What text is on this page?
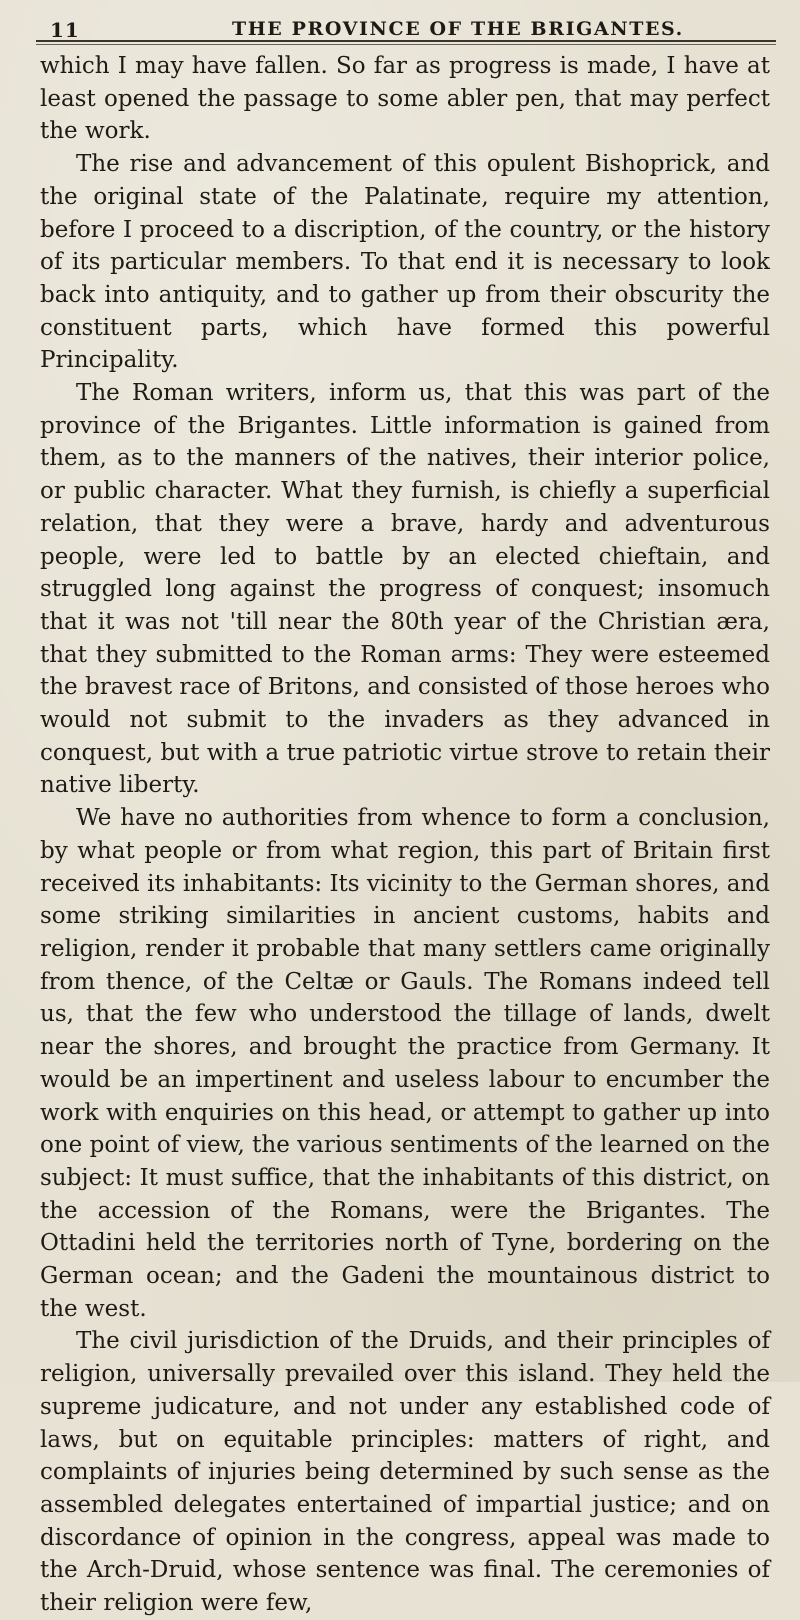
11	THE PROVINCE OF THE BRIGANTES.

which I may have fallen. So far as progress is made, I have at least opened the passage to some abler pen, that may perfect the work.

The rise and advancement of this opulent Bishoprick, and the original state of the Palatinate, require my attention, before I proceed to a discription, of the country, or the history of its particular members. To that end it is necessary to look back into antiquity, and to gather up from their obscurity the constituent parts, which have formed this powerful Principality.

The Roman writers, inform us, that this was part of the province of the Brigantes. Little information is gained from them, as to the manners of the natives, their interior police, or public character. What they furnish, is chiefly a superficial relation, that they were a brave, hardy and adventurous people, were led to battle by an elected chieftain, and struggled long against the progress of conquest; insomuch that it was not 'till near the 80th year of the Christian æra, that they submitted to the Roman arms: They were esteemed the bravest race of Britons, and consisted of those heroes who would not submit to the invaders as they advanced in conquest, but with a true patriotic virtue strove to retain their native liberty.

We have no authorities from whence to form a conclusion, by what people or from what region, this part of Britain first received its inhabitants: Its vicinity to the German shores, and some striking similarities in ancient customs, habits and religion, render it probable that many settlers came originally from thence, of the Celtæ or Gauls. The Romans indeed tell us, that the few who understood the tillage of lands, dwelt near the shores, and brought the practice from Germany. It would be an impertinent and useless labour to encumber the work with enquiries on this head, or attempt to gather up into one point of view, the various sentiments of the learned on the subject: It must suffice, that the inhabitants of this district, on the accession of the Romans, were the Brigantes. The Ottadini held the territories north of Tyne, bordering on the German ocean; and the Gadeni the mountainous district to the west.

The civil jurisdiction of the Druids, and their principles of religion, universally prevailed over this island. They held the supreme judicature, and not under any established code of laws, but on equitable principles: matters of right, and complaints of injuries being determined by such sense as the assembled delegates entertained of impartial justice; and on discordance of opinion in the congress, appeal was made to the Arch-Druid, whose sentence was final. The ceremonies of their religion were few,
